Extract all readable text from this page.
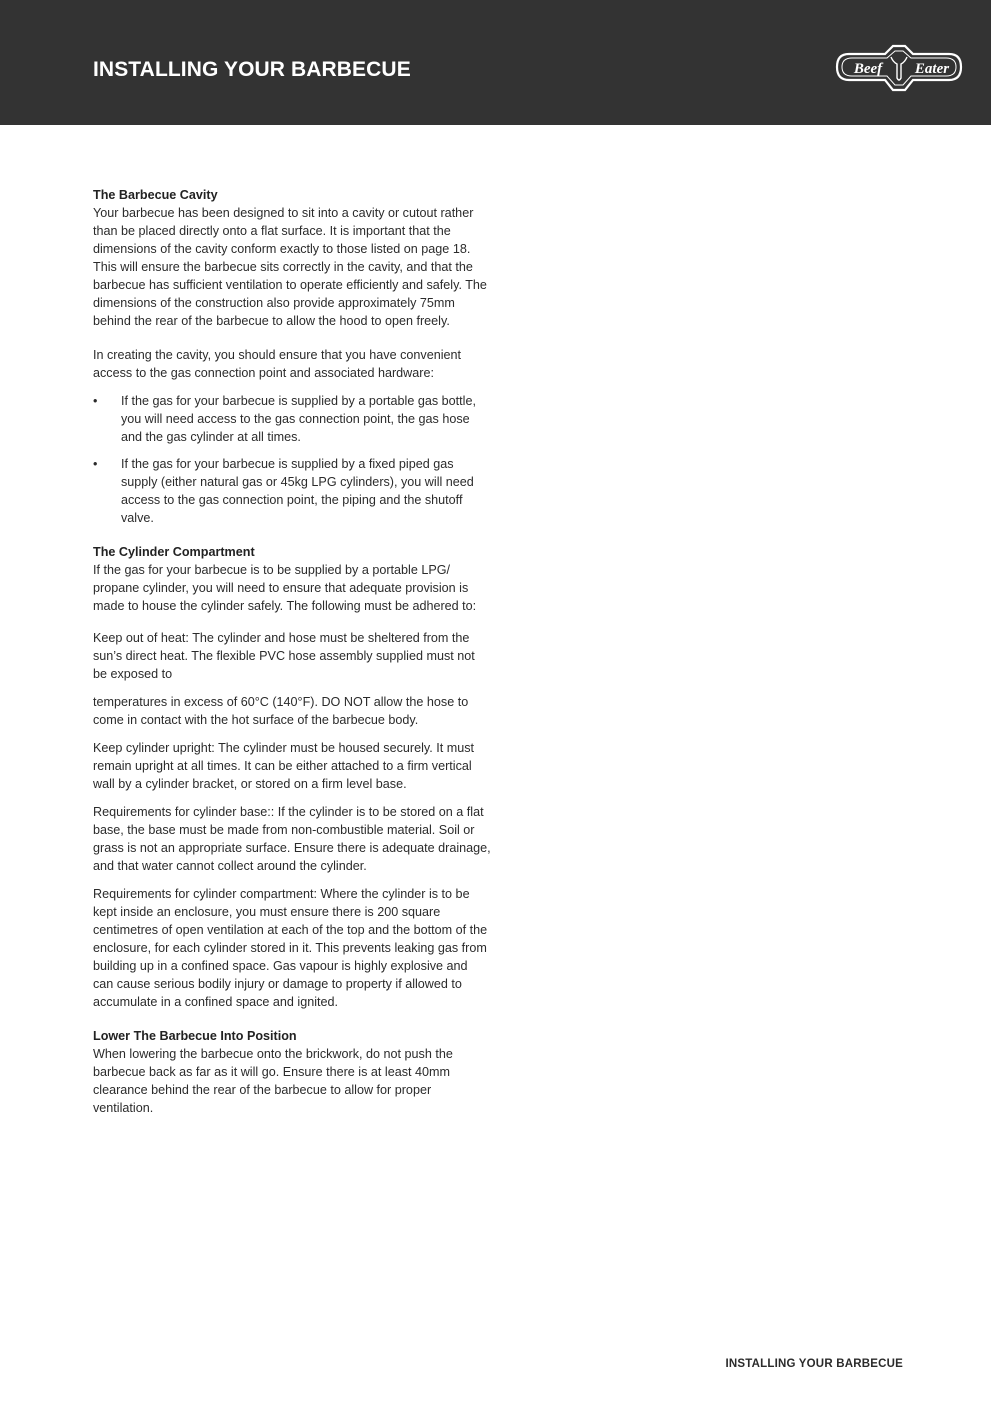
INSTALLING YOUR BARBECUE	Beef Eater

The Barbecue Cavity

Your barbecue has been designed to sit into a cavity or cutout rather than be placed directly onto a flat surface. It is important that the dimensions of the cavity conform exactly to those listed on page 18. This will ensure the barbecue sits correctly in the cavity, and that the barbecue has sufficient ventilation to operate efficiently and safely. The dimensions of the construction also provide approximately 75mm behind the rear of the barbecue to allow the hood to open freely.

In creating the cavity, you should ensure that you have convenient access to the gas connection point and associated hardware:

• If the gas for your barbecue is supplied by a portable gas bottle, you will need access to the gas connection point, the gas hose and the gas cylinder at all times.
• If the gas for your barbecue is supplied by a fixed piped gas supply (either natural gas or 45kg LPG cylinders), you will need access to the gas connection point, the piping and the shutoff valve.

The Cylinder Compartment

If the gas for your barbecue is to be supplied by a portable LPG/ propane cylinder, you will need to ensure that adequate provision is made to house the cylinder safely. The following must be adhered to:

Keep out of heat: The cylinder and hose must be sheltered from the sun’s direct heat. The flexible PVC hose assembly supplied must not be exposed to

temperatures in excess of 60°C (140°F). DO NOT allow the hose to come in contact with the hot surface of the barbecue body.

Keep cylinder upright: The cylinder must be housed securely. It must remain upright at all times. It can be either attached to a firm vertical wall by a cylinder bracket, or stored on a firm level base.

Requirements for cylinder base:: If the cylinder is to be stored on a flat base, the base must be made from non-combustible material. Soil or grass is not an appropriate surface. Ensure there is adequate drainage, and that water cannot collect around the cylinder.

Requirements for cylinder compartment: Where the cylinder is to be kept inside an enclosure, you must ensure there is 200 square centimetres of open ventilation at each of the top and the bottom of the enclosure, for each cylinder stored in it. This prevents leaking gas from building up in a confined space. Gas vapour is highly explosive and can cause serious bodily injury or damage to property if allowed to accumulate in a confined space and ignited.

Lower The Barbecue Into Position

When lowering the barbecue onto the brickwork, do not push the barbecue back as far as it will go. Ensure there is at least 40mm clearance behind the rear of the barbecue to allow for proper ventilation.

INSTALLING YOUR BARBECUE
